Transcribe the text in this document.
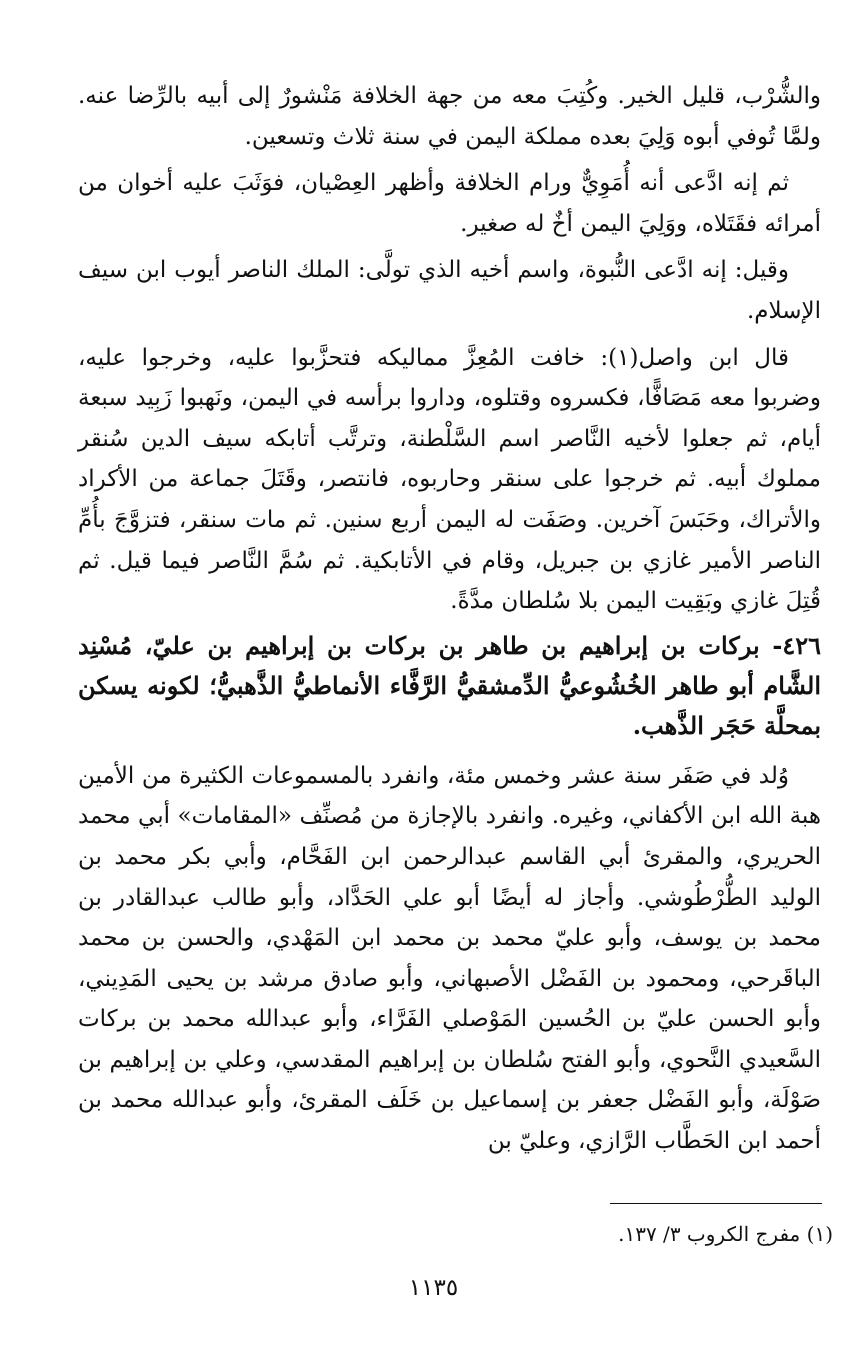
والشُّرْب، قليل الخير. وكُتِبَ معه من جهة الخلافة مَنْشورٌ إلى أبيه بالرِّضا عنه. ولمَّا تُوفي أبوه وَلِيَ بعده مملكة اليمن في سنة ثلاث وتسعين.

ثم إنه ادَّعى أنه أُمَوِيٌّ ورام الخلافة وأظهر العِصْيان، فوَثَبَ عليه أخوان من أمرائه فقَتَلاه، ووَلِيَ اليمن أخٌ له صغير.

وقيل: إنه ادَّعى النُّبوة، واسم أخيه الذي تولَّى: الملك الناصر أيوب ابن سيف الإسلام.

قال ابن واصل(١): خافت المُعِزَّ مماليكه فتحزَّبوا عليه، وخرجوا عليه، وضربوا معه مَصَافًّا، فكسروه وقتلوه، وداروا برأسه في اليمن، ونَهبوا زَبِيد سبعة أيام، ثم جعلوا لأخيه النَّاصر اسم السَّلْطنة، وترتَّب أتابكه سيف الدين سُنقر مملوك أبيه. ثم خرجوا على سنقر وحاربوه، فانتصر، وقَتَلَ جماعة من الأكراد والأتراك، وحَبَسَ آخرين. وصَفَت له اليمن أربع سنين. ثم مات سنقر، فتزوَّجَ بأُمِّ الناصر الأمير غازي بن جبريل، وقام في الأتابكية. ثم سُمَّ النَّاصر فيما قيل. ثم قُتِلَ غازي وبَقِيت اليمن بلا سُلطان مدَّةً.

٤٢٦- بركات بن إبراهيم بن طاهر بن بركات بن إبراهيم بن عليّ، مُسْنِد الشَّام أبو طاهر الخُشُوعيُّ الدِّمشقيُّ الرَّفَّاء الأنماطيُّ الذَّهبيُّ؛ لكونه يسكن بمحلَّة حَجَر الذَّهب.

وُلد في صَفَر سنة عشر وخمس مئة، وانفرد بالمسموعات الكثيرة من الأمين هبة الله ابن الأكفاني، وغيره. وانفرد بالإجازة من مُصنِّف «المقامات» أبي محمد الحريري، والمقرئ أبي القاسم عبدالرحمن ابن الفَحَّام، وأبي بكر محمد بن الوليد الطُّرْطُوشي. وأجاز له أيضًا أبو علي الحَدَّاد، وأبو طالب عبدالقادر بن محمد بن يوسف، وأبو عليّ محمد بن محمد ابن المَهْدي، والحسن بن محمد الباقَرحي، ومحمود بن الفَضْل الأصبهاني، وأبو صادق مرشد بن يحيى المَدِيني، وأبو الحسن عليّ بن الحُسين المَوْصلي الفَرَّاء، وأبو عبدالله محمد بن بركات السَّعيدي النَّحوي، وأبو الفتح سُلطان بن إبراهيم المقدسي، وعلي بن إبراهيم بن صَوْلَة، وأبو الفَضْل جعفر بن إسماعيل بن خَلَف المقرئ، وأبو عبدالله محمد بن أحمد ابن الحَطَّاب الرَّازي، وعليّ بن

(١) مفرج الكروب ٣/ ١٣٧.
١١٣٥
